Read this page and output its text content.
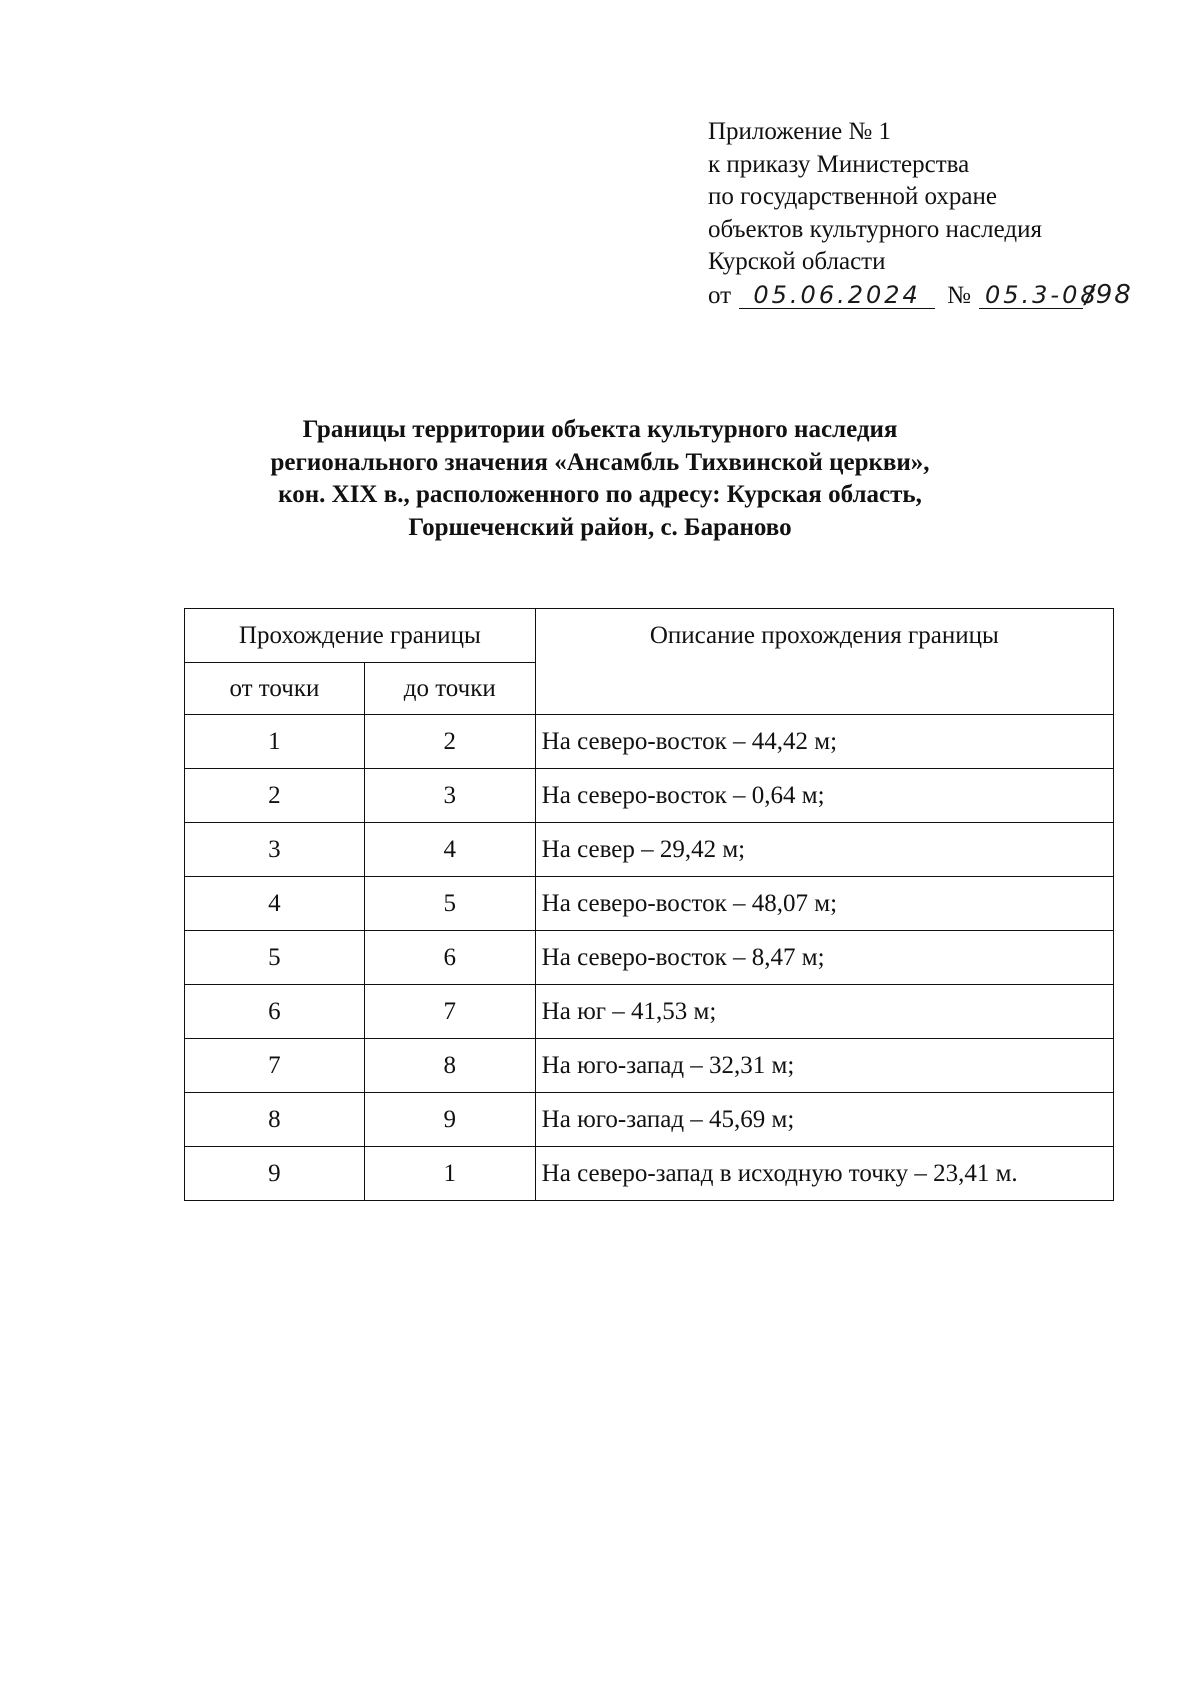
Приложение № 1
к приказу Министерства
по государственной охране
объектов культурного наследия
Курской области
от 05.06.2024 № 05.3-08/98
Границы территории объекта культурного наследия
регионального значения «Ансамбль Тихвинской церкви»,
кон. XIX в., расположенного по адресу: Курская область,
Горшеченский район, с. Бараново
Прохождение границы		Описание прохождения границы
от точки	до точки	
1	2	На северо-восток – 44,42 м;
2	3	На северо-восток – 0,64 м;
3	4	На север – 29,42 м;
4	5	На северо-восток – 48,07 м;
5	6	На северо-восток – 8,47 м;
6	7	На юг – 41,53 м;
7	8	На юго-запад – 32,31 м;
8	9	На юго-запад – 45,69 м;
9	1	На северо-запад в исходную точку – 23,41 м.
